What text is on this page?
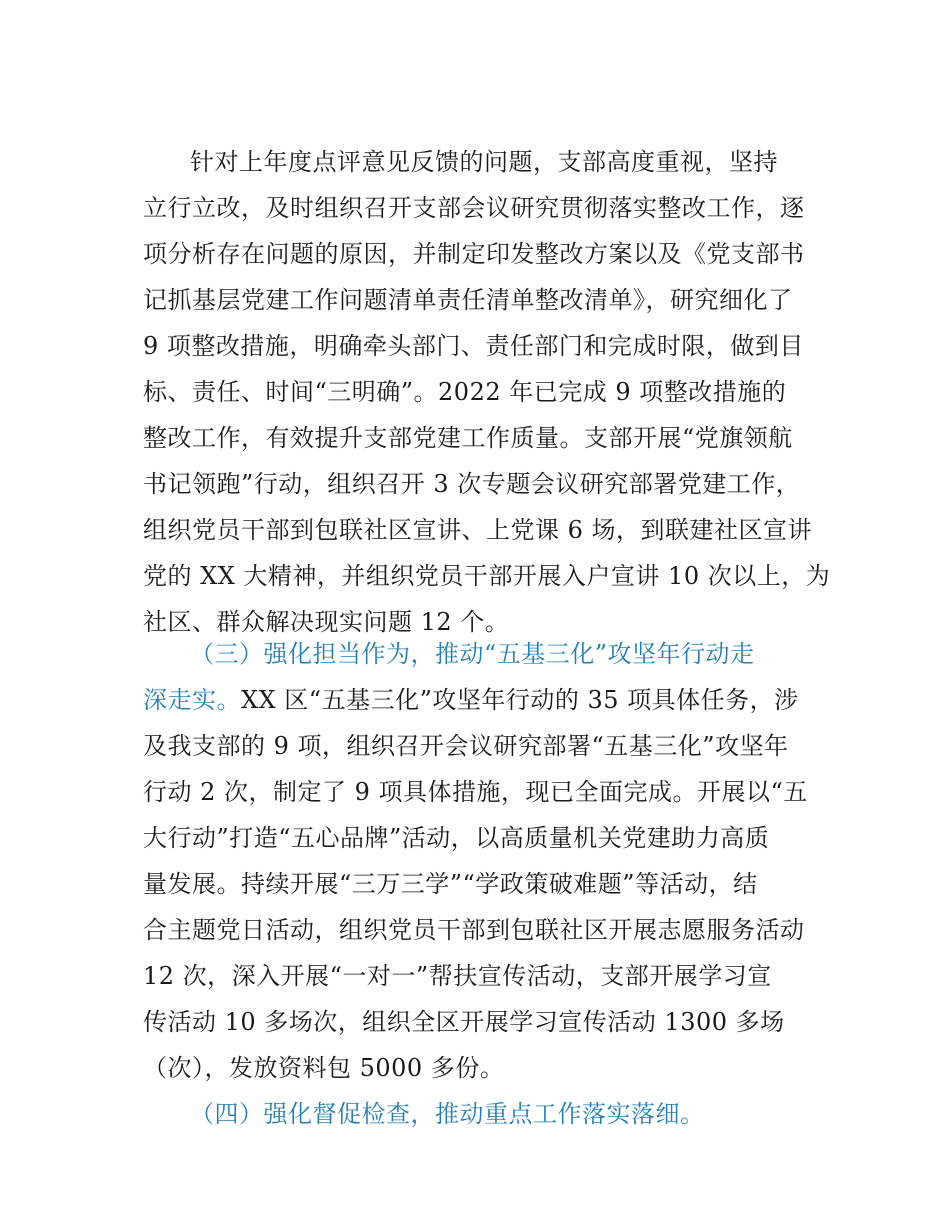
针对上年度点评意见反馈的问题，支部高度重视，坚持
立行立改，及时组织召开支部会议研究贯彻落实整改工作，逐
项分析存在问题的原因，并制定印发整改方案以及《党支部书
记抓基层党建工作问题清单责任清单整改清单》，研究细化了
9 项整改措施，明确牵头部门、责任部门和完成时限，做到目
标、责任、时间“三明确”。2022 年已完成 9 项整改措施的
整改工作，有效提升支部党建工作质量。支部开展“党旗领航
书记领跑”行动，组织召开 3 次专题会议研究部署党建工作，
组织党员干部到包联社区宣讲、上党课 6 场，到联建社区宣讲
党的 XX 大精神，并组织党员干部开展入户宣讲 10 次以上，为
社区、群众解决现实问题 12 个。
（三）强化担当作为，推动“五基三化”攻坚年行动走
深走实。XX 区“五基三化”攻坚年行动的 35 项具体任务，涉
及我支部的 9 项，组织召开会议研究部署“五基三化”攻坚年
行动 2 次，制定了 9 项具体措施，现已全面完成。开展以“五
大行动”打造“五心品牌”活动，以高质量机关党建助力高质
量发展。持续开展“三万三学”“学政策破难题”等活动，结
合主题党日活动，组织党员干部到包联社区开展志愿服务活动
12 次，深入开展“一对一”帮扶宣传活动，支部开展学习宣
传活动 10 多场次，组织全区开展学习宣传活动 1300 多场
（次），发放资料包 5000 多份。
（四）强化督促检查，推动重点工作落实落细。
